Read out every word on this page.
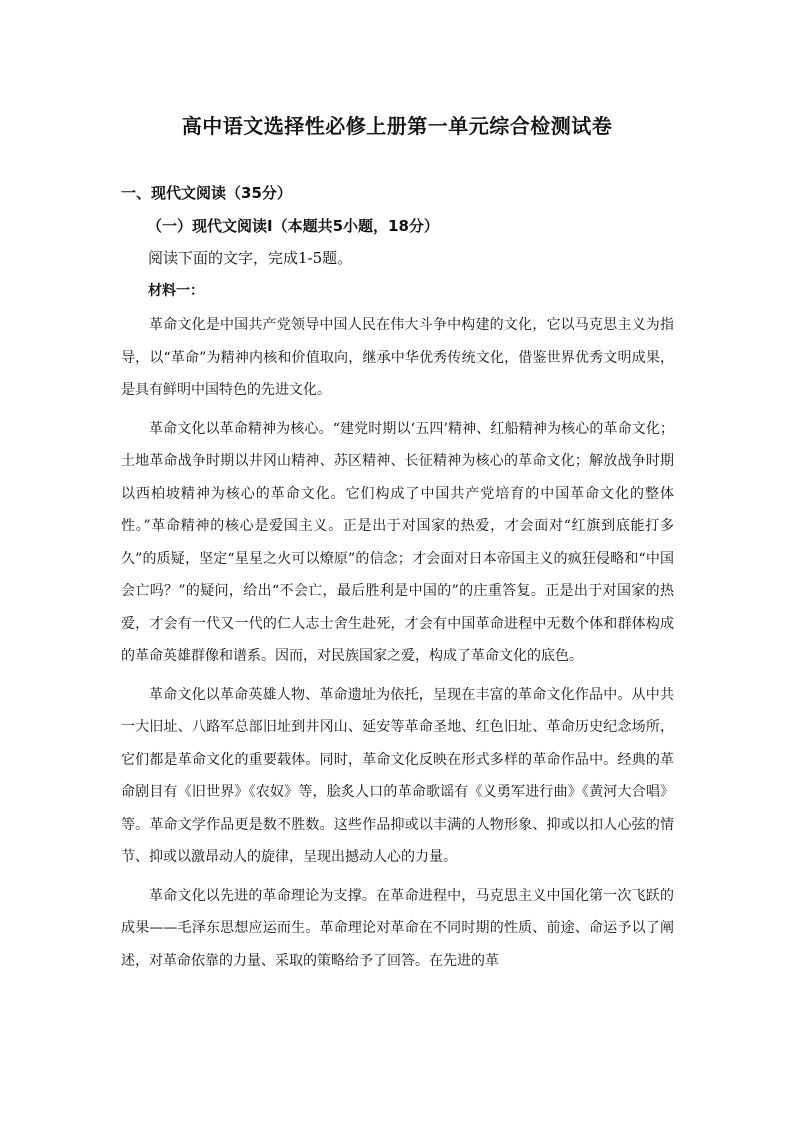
高中语文选择性必修上册第一单元综合检测试卷
一、现代文阅读（35分）
（一）现代文阅读Ⅰ（本题共5小题，18分）
阅读下面的文字，完成1-5题。
材料一：

革命文化是中国共产党领导中国人民在伟大斗争中构建的文化，它以马克思主义为指导，以“革命”为精神内核和价值取向，继承中华优秀传统文化，借鉴世界优秀文明成果，是具有鲜明中国特色的先进文化。

革命文化以革命精神为核心。“建党时期以‘五四’精神、红船精神为核心的革命文化；土地革命战争时期以井冈山精神、苏区精神、长征精神为核心的革命文化；解放战争时期以西柏坡精神为核心的革命文化。它们构成了中国共产党培育的中国革命文化的整体性。”革命精神的核心是爱国主义。正是出于对国家的热爱，才会面对“红旗到底能打多久”的质疑，坚定“星星之火可以燎原”的信念；才会面对日本帝国主义的疯狂侵略和“中国会亡吗？”的疑问，给出“不会亡，最后胜利是中国的”的庄重答复。正是出于对国家的热爱，才会有一代又一代的仁人志士舍生赴死，才会有中国革命进程中无数个体和群体构成的革命英雄群像和谱系。因而，对民族国家之爱，构成了革命文化的底色。

革命文化以革命英雄人物、革命遗址为依托，呈现在丰富的革命文化作品中。从中共一大旧址、八路军总部旧址到井冈山、延安等革命圣地、红色旧址、革命历史纪念场所，它们都是革命文化的重要载体。同时，革命文化反映在形式多样的革命作品中。经典的革命剧目有《旧世界》《农奴》等，脍炙人口的革命歌谣有《义勇军进行曲》《黄河大合唱》等。革命文学作品更是数不胜数。这些作品抑或以丰满的人物形象、抑或以扣人心弦的情节、抑或以激昂动人的旋律，呈现出撼动人心的力量。

革命文化以先进的革命理论为支撑。在革命进程中，马克思主义中国化第一次飞跃的成果——毛泽东思想应运而生。革命理论对革命在不同时期的性质、前途、命运予以了阐述，对革命依靠的力量、采取的策略给予了回答。在先进的革
